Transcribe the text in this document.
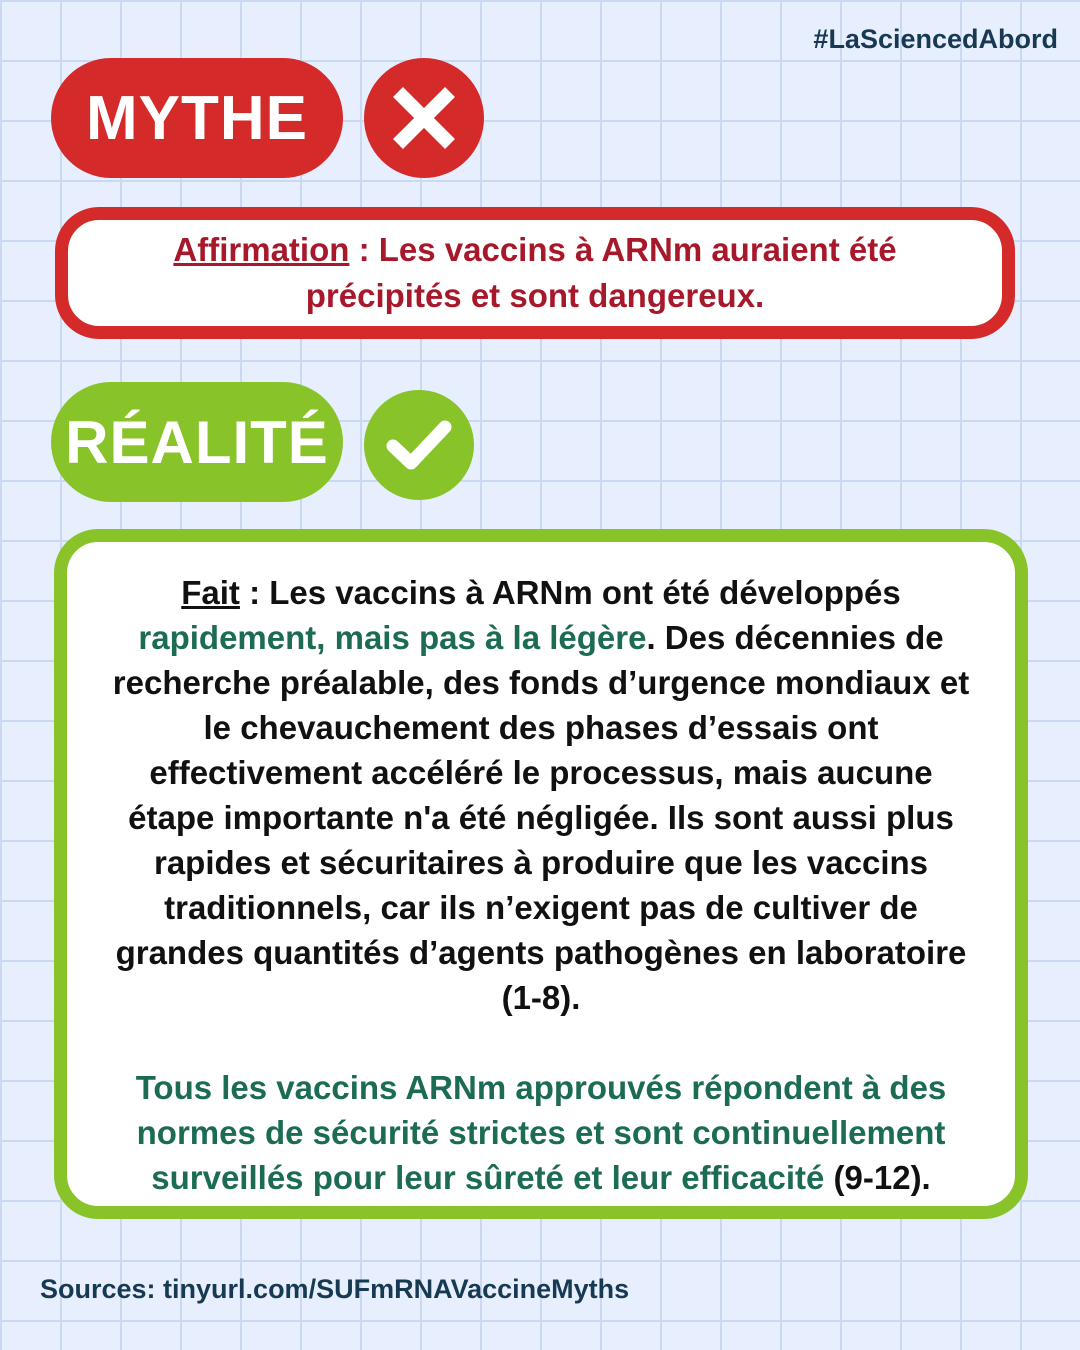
#LaSciencedAbord
MYTHE
Affirmation : Les vaccins à ARNm auraient été précipités et sont dangereux.
RÉALITÉ
Fait : Les vaccins à ARNm ont été développés rapidement, mais pas à la légère. Des décennies de recherche préalable, des fonds d’urgence mondiaux et le chevauchement des phases d’essais ont effectivement accéléré le processus, mais aucune étape importante n'a été négligée. Ils sont aussi plus rapides et sécuritaires à produire que les vaccins traditionnels, car ils n’exigent pas de cultiver de grandes quantités d’agents pathogènes en laboratoire (1-8).
Tous les vaccins ARNm approuvés répondent à des normes de sécurité strictes et sont continuellement surveillés pour leur sûreté et leur efficacité (9-12).
Sources: tinyurl.com/SUFmRNAVaccineMyths
